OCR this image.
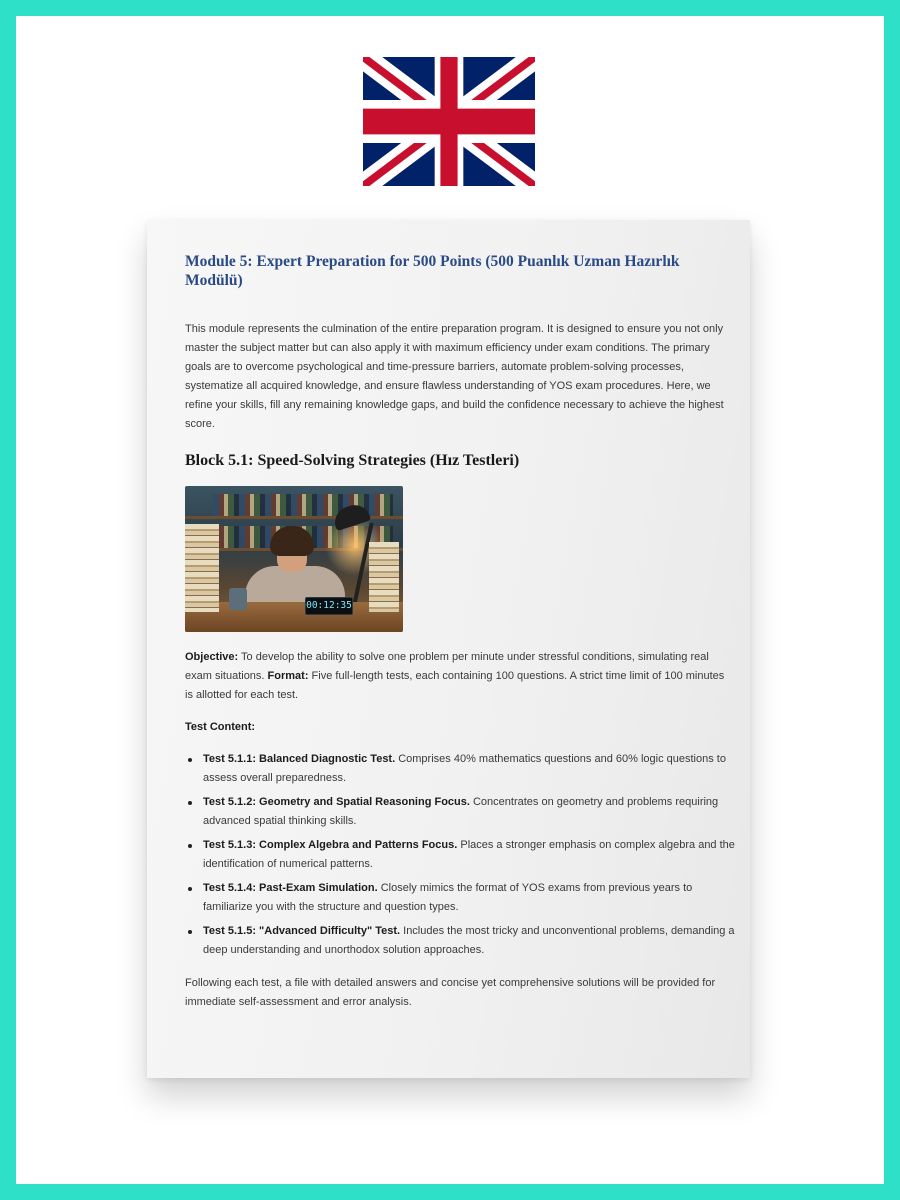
Module 5: Expert Preparation for 500 Points (500 Puanlık Uzman Hazırlık Modülü)

This module represents the culmination of the entire preparation program. It is designed to ensure you not only master the subject matter but can also apply it with maximum efficiency under exam conditions. The primary goals are to overcome psychological and time-pressure barriers, automate problem-solving processes, systematize all acquired knowledge, and ensure flawless understanding of YOS exam procedures. Here, we refine your skills, fill any remaining knowledge gaps, and build the confidence necessary to achieve the highest score.

Block 5.1: Speed-Solving Strategies (Hız Testleri)
00:12:35

Objective: To develop the ability to solve one problem per minute under stressful conditions, simulating real exam situations. Format: Five full-length tests, each containing 100 questions. A strict time limit of 100 minutes is allotted for each test.

Test Content:

Test 5.1.1: Balanced Diagnostic Test. Comprises 40% mathematics questions and 60% logic questions to assess overall preparedness.
Test 5.1.2: Geometry and Spatial Reasoning Focus. Concentrates on geometry and problems requiring advanced spatial thinking skills.
Test 5.1.3: Complex Algebra and Patterns Focus. Places a stronger emphasis on complex algebra and the identification of numerical patterns.
Test 5.1.4: Past-Exam Simulation. Closely mimics the format of YOS exams from previous years to familiarize you with the structure and question types.
Test 5.1.5: "Advanced Difficulty" Test. Includes the most tricky and unconventional problems, demanding a deep understanding and unorthodox solution approaches.

Following each test, a file with detailed answers and concise yet comprehensive solutions will be provided for immediate self-assessment and error analysis.
